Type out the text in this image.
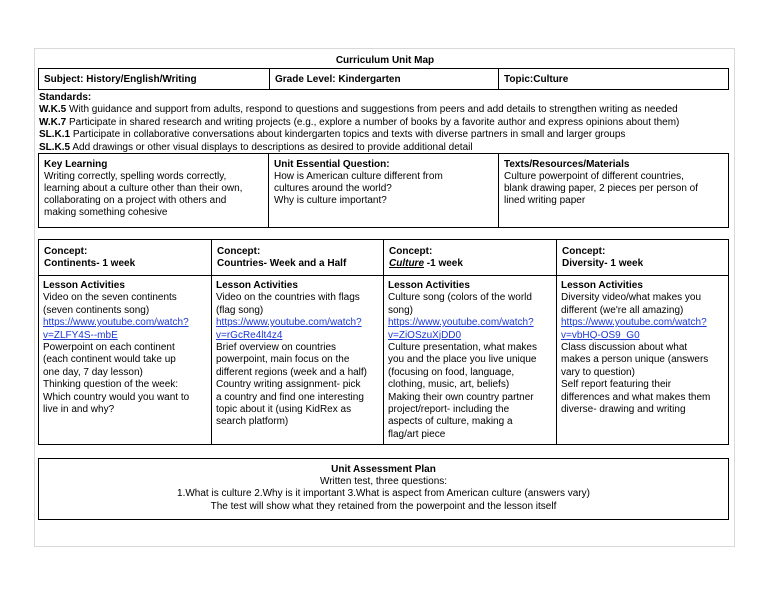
Curriculum Unit Map
Subject: History/English/Writing	Grade Level: Kindergarten	Topic:Culture

Standards:

W.K.5 With guidance and support from adults, respond to questions and suggestions from peers and add details to strengthen writing as needed

W.K.7 Participate in shared research and writing projects (e.g., explore a number of books by a favorite author and express opinions about them)

SL.K.1 Participate in collaborative conversations about kindergarten topics and texts with diverse partners in small and larger groups

SL.K.5 Add drawings or other visual displays to descriptions as desired to provide additional detail

Key Learning

Writing correctly, spelling words correctly,

learning about a culture other than their own,

collaborating on a project with others and

making something cohesive

Unit Essential Question:

How is American culture different from

cultures around the world?

Why is culture important?

Texts/Resources/Materials

Culture powerpoint of different countries,

blank drawing paper, 2 pieces per person of

lined writing paper

Concept:

Continents- 1 week

Concept:

Countries- Week and a Half

Concept:

Culture -1 week

Concept:

Diversity- 1 week

Lesson Activities

Video on the seven continents

(seven continents song)

https://www.youtube.com/watch?

v=ZLFY4S--mbE

Powerpoint on each continent

(each continent would take up

one day, 7 day lesson)

Thinking question of the week:

Which country would you want to

live in and why?

Lesson Activities

Video on the countries with flags

(flag song)

https://www.youtube.com/watch?

v=rGcRe4lt4z4

Brief overview on countries

powerpoint, main focus on the

different regions (week and a half)

Country writing assignment- pick

a country and find one interesting

topic about it (using KidRex as

search platform)

Lesson Activities

Culture song (colors of the world

song)

https://www.youtube.com/watch?

v=ZiOSzuXjDD0

Culture presentation, what makes

you and the place you live unique

(focusing on food, language,

clothing, music, art, beliefs)

Making their own country partner

project/report- including the

aspects of culture, making a

flag/art piece

Lesson Activities

Diversity video/what makes you

different (we're all amazing)

https://www.youtube.com/watch?

v=vbHQ-OS9_G0

Class discussion about what

makes a person unique (answers

vary to question)

Self report featuring their

differences and what makes them

diverse- drawing and writing

Unit Assessment Plan

Written test, three questions:

1.What is culture 2.Why is it important 3.What is aspect from American culture (answers vary)

The test will show what they retained from the powerpoint and the lesson itself
